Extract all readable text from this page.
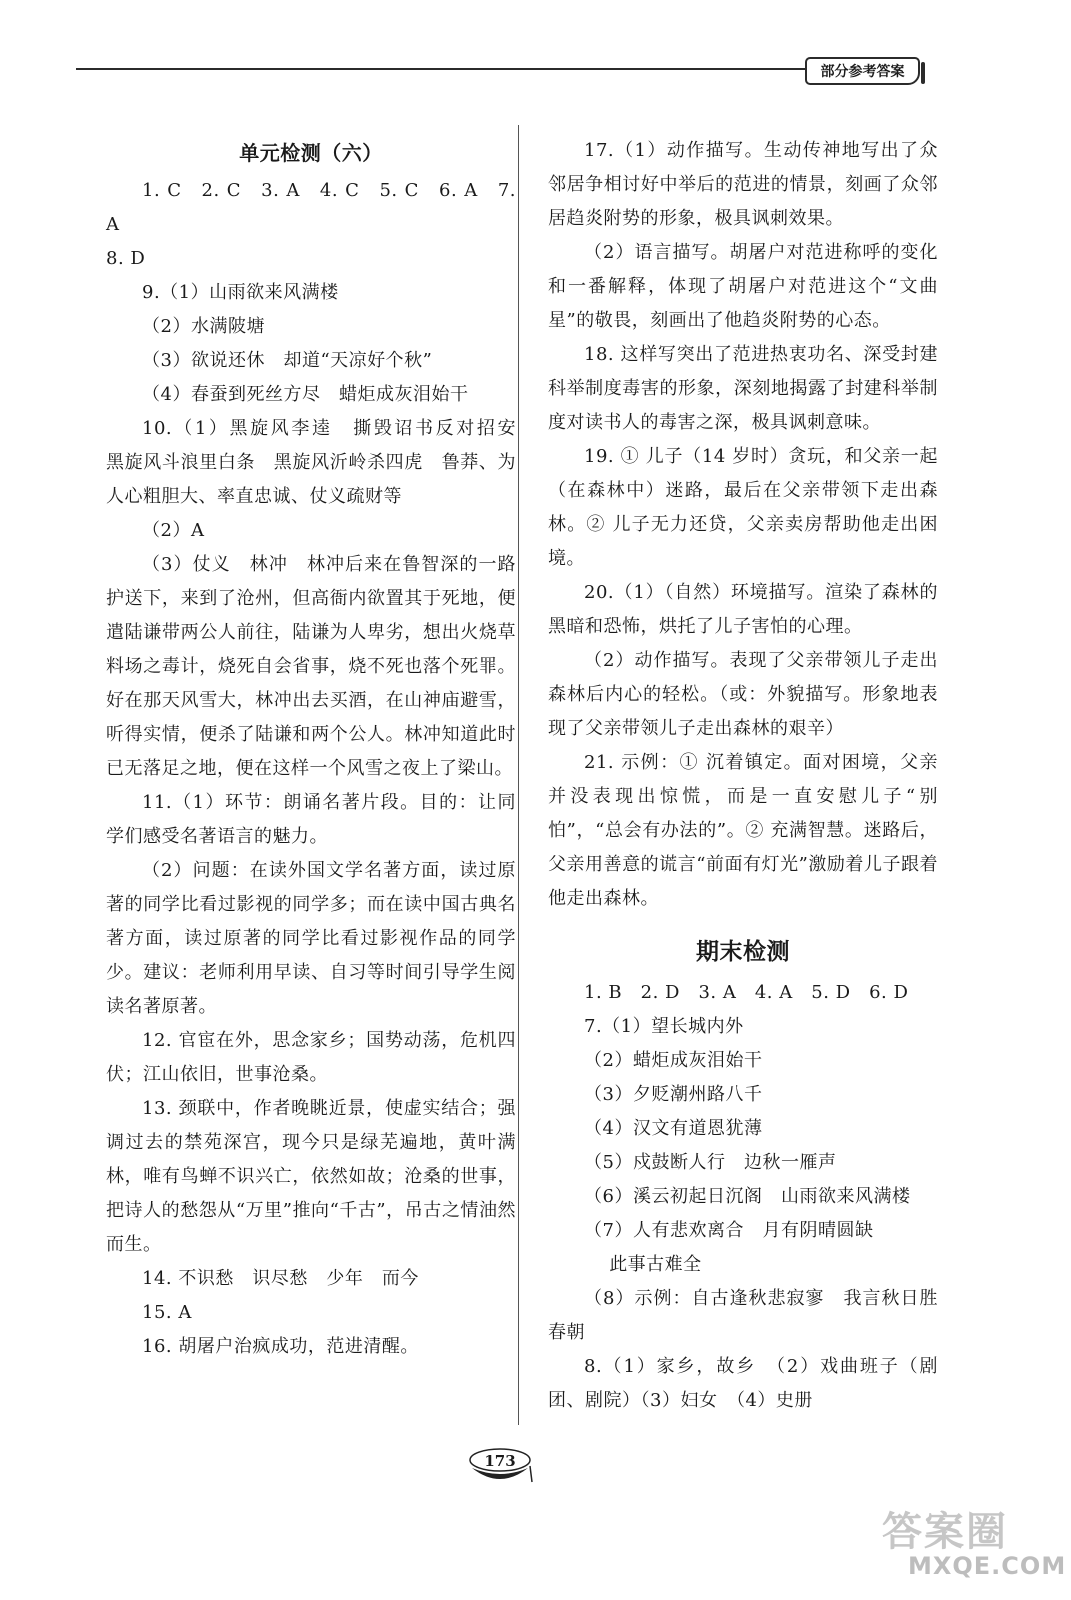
部分参考答案
单元检测（六）

1. C　2. C　3. A　4. C　5. C　6. A　7. A

8. D

9.（1）山雨欲来风满楼

（2）水满陂塘

（3）欲说还休　却道“天凉好个秋”

（4）春蚕到死丝方尽　蜡炬成灰泪始干

10.（1）黑旋风李逵　撕毁诏书反对招安　黑旋风斗浪里白条　黑旋风沂岭杀四虎　鲁莽、为人心粗胆大、率直忠诚、仗义疏财等

（2）A

（3）仗义　林冲　林冲后来在鲁智深的一路护送下，来到了沧州，但高衙内欲置其于死地，便遣陆谦带两公人前往，陆谦为人卑劣，想出火烧草料场之毒计，烧死自会省事，烧不死也落个死罪。好在那天风雪大，林冲出去买酒，在山神庙避雪，听得实情，便杀了陆谦和两个公人。林冲知道此时已无落足之地，便在这样一个风雪之夜上了梁山。

11.（1）环节：朗诵名著片段。目的：让同学们感受名著语言的魅力。

（2）问题：在读外国文学名著方面，读过原著的同学比看过影视的同学多；而在读中国古典名著方面，读过原著的同学比看过影视作品的同学少。建议：老师利用早读、自习等时间引导学生阅读名著原著。

12. 官宦在外，思念家乡；国势动荡，危机四伏；江山依旧，世事沧桑。

13. 颈联中，作者晚眺近景，使虚实结合；强调过去的禁苑深宫，现今只是绿芜遍地，黄叶满林，唯有鸟蝉不识兴亡，依然如故；沧桑的世事，把诗人的愁怨从“万里”推向“千古”，吊古之情油然而生。

14. 不识愁　识尽愁　少年　而今

15. A

16. 胡屠户治疯成功，范进清醒。

17.（1）动作描写。生动传神地写出了众邻居争相讨好中举后的范进的情景，刻画了众邻居趋炎附势的形象，极具讽刺效果。

（2）语言描写。胡屠户对范进称呼的变化和一番解释，体现了胡屠户对范进这个“文曲星”的敬畏，刻画出了他趋炎附势的心态。

18. 这样写突出了范进热衷功名、深受封建科举制度毒害的形象，深刻地揭露了封建科举制度对读书人的毒害之深，极具讽刺意味。

19. ① 儿子（14 岁时）贪玩，和父亲一起（在森林中）迷路，最后在父亲带领下走出森林。② 儿子无力还贷，父亲卖房帮助他走出困境。

20.（1）（自然）环境描写。渲染了森林的黑暗和恐怖，烘托了儿子害怕的心理。

（2）动作描写。表现了父亲带领儿子走出森林后内心的轻松。（或：外貌描写。形象地表现了父亲带领儿子走出森林的艰辛）

21. 示例：① 沉着镇定。面对困境，父亲并没表现出惊慌，而是一直安慰儿子“别怕”，“总会有办法的”。② 充满智慧。迷路后，父亲用善意的谎言“前面有灯光”激励着儿子跟着他走出森林。

期末检测

1. B　2. D　3. A　4. A　5. D　6. D

7.（1）望长城内外

（2）蜡炬成灰泪始干

（3）夕贬潮州路八千

（4）汉文有道恩犹薄

（5）戍鼓断人行　边秋一雁声

（6）溪云初起日沉阁　山雨欲来风满楼

（7）人有悲欢离合　月有阴晴圆缺

此事古难全

（8）示例：自古逢秋悲寂寥　我言秋日胜春朝

8.（1）家乡，故乡　（2）戏曲班子（剧团、剧院）（3）妇女　（4）史册

173
答案圈
MXQE.COM
